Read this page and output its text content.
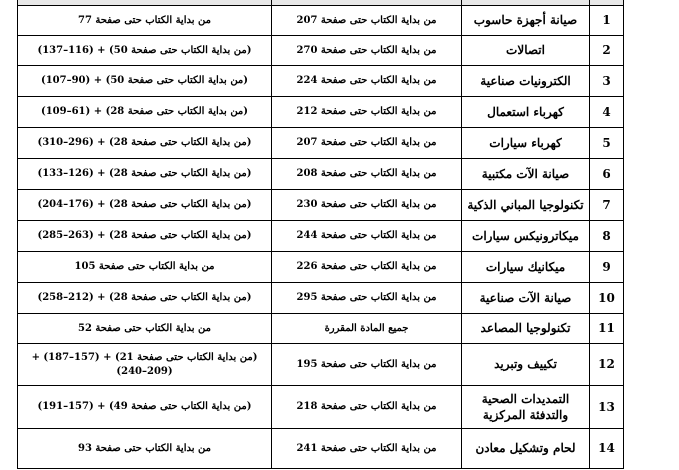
1	صيانة أجهزة حاسوب	من بداية الكتاب حتى صفحة 207	من بداية الكتاب حتى صفحة 77
2	اتصالات	من بداية الكتاب حتى صفحة 270	(من بداية الكتاب حتى صفحة 50) + (116–137)
3	الكترونيات صناعية	من بداية الكتاب حتى صفحة 224	(من بداية الكتاب حتى صفحة 50) + (90–107)
4	كهرباء استعمال	من بداية الكتاب حتى صفحة 212	(من بداية الكتاب حتى صفحة 28) + (61–109)
5	كهرباء سيارات	من بداية الكتاب حتى صفحة 207	(من بداية الكتاب حتى صفحة 28) + (296–310)
6	صيانة الآت مكتبية	من بداية الكتاب حتى صفحة 208	(من بداية الكتاب حتى صفحة 28) + (126–133)
7	تكنولوجيا المباني الذكية	من بداية الكتاب حتى صفحة 230	(من بداية الكتاب حتى صفحة 28) + (176–204)
8	ميكاترونيكس سيارات	من بداية الكتاب حتى صفحة 244	(من بداية الكتاب حتى صفحة 28) + (263–285)
9	ميكانيك سيارات	من بداية الكتاب حتى صفحة 226	من بداية الكتاب حتى صفحة 105
10	صيانة الآت صناعية	من بداية الكتاب حتى صفحة 295	(من بداية الكتاب حتى صفحة 28) + (212–258)
11	تكنولوجيا المصاعد	جميع المادة المقررة	من بداية الكتاب حتى صفحة 52
12	تكييف وتبريد	من بداية الكتاب حتى صفحة 195	(من بداية الكتاب حتى صفحة 21) + (157–187) + (209–240)
13	التمديدات الصحية والتدفئة المركزية	من بداية الكتاب حتى صفحة 218	(من بداية الكتاب حتى صفحة 49) + (157–191)
14	لحام وتشكيل معادن	من بداية الكتاب حتى صفحة 241	من بداية الكتاب حتى صفحة 93
